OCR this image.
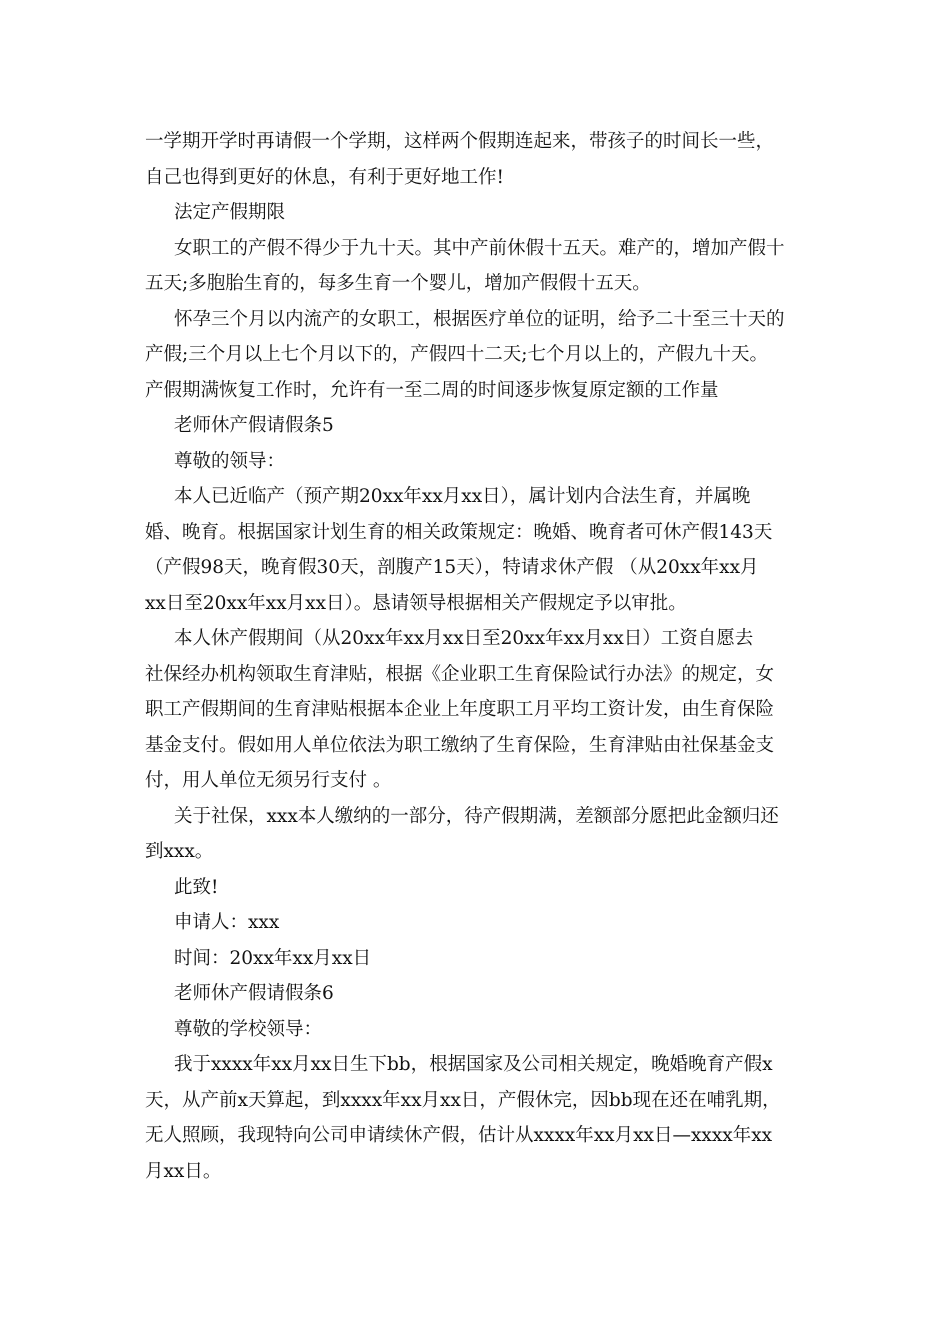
一学期开学时再请假一个学期，这样两个假期连起来，带孩子的时间长一些，
自己也得到更好的休息，有利于更好地工作!
法定产假期限
女职工的产假不得少于九十天。其中产前休假十五天。难产的，增加产假十
五天;多胞胎生育的，每多生育一个婴儿，增加产假假十五天。
怀孕三个月以内流产的女职工，根据医疗单位的证明，给予二十至三十天的
产假;三个月以上七个月以下的，产假四十二天;七个月以上的，产假九十天。
产假期满恢复工作时，允许有一至二周的时间逐步恢复原定额的工作量
老师休产假请假条5
尊敬的领导：
本人已近临产（预产期20xx年xx月xx日），属计划内合法生育，并属晚
婚、晚育。根据国家计划生育的相关政策规定：晚婚、晚育者可休产假143天
（产假98天，晚育假30天，剖腹产15天），特请求休产假 （从20xx年xx月
xx日至20xx年xx月xx日）。恳请领导根据相关产假规定予以审批。
本人休产假期间（从20xx年xx月xx日至20xx年xx月xx日）工资自愿去
社保经办机构领取生育津贴，根据《企业职工生育保险试行办法》的规定，女
职工产假期间的生育津贴根据本企业上年度职工月平均工资计发，由生育保险
基金支付。假如用人单位依法为职工缴纳了生育保险，生育津贴由社保基金支
付，用人单位无须另行支付 。
关于社保，xxx本人缴纳的一部分，待产假期满，差额部分愿把此金额归还
到xxx。
此致!
申请人：xxx
时间：20xx年xx月xx日
老师休产假请假条6
尊敬的学校领导：
我于xxxx年xx月xx日生下bb，根据国家及公司相关规定，晚婚晚育产假x
天，从产前x天算起，到xxxx年xx月xx日，产假休完，因bb现在还在哺乳期，
无人照顾，我现特向公司申请续休产假，估计从xxxx年xx月xx日—xxxx年xx
月xx日。
